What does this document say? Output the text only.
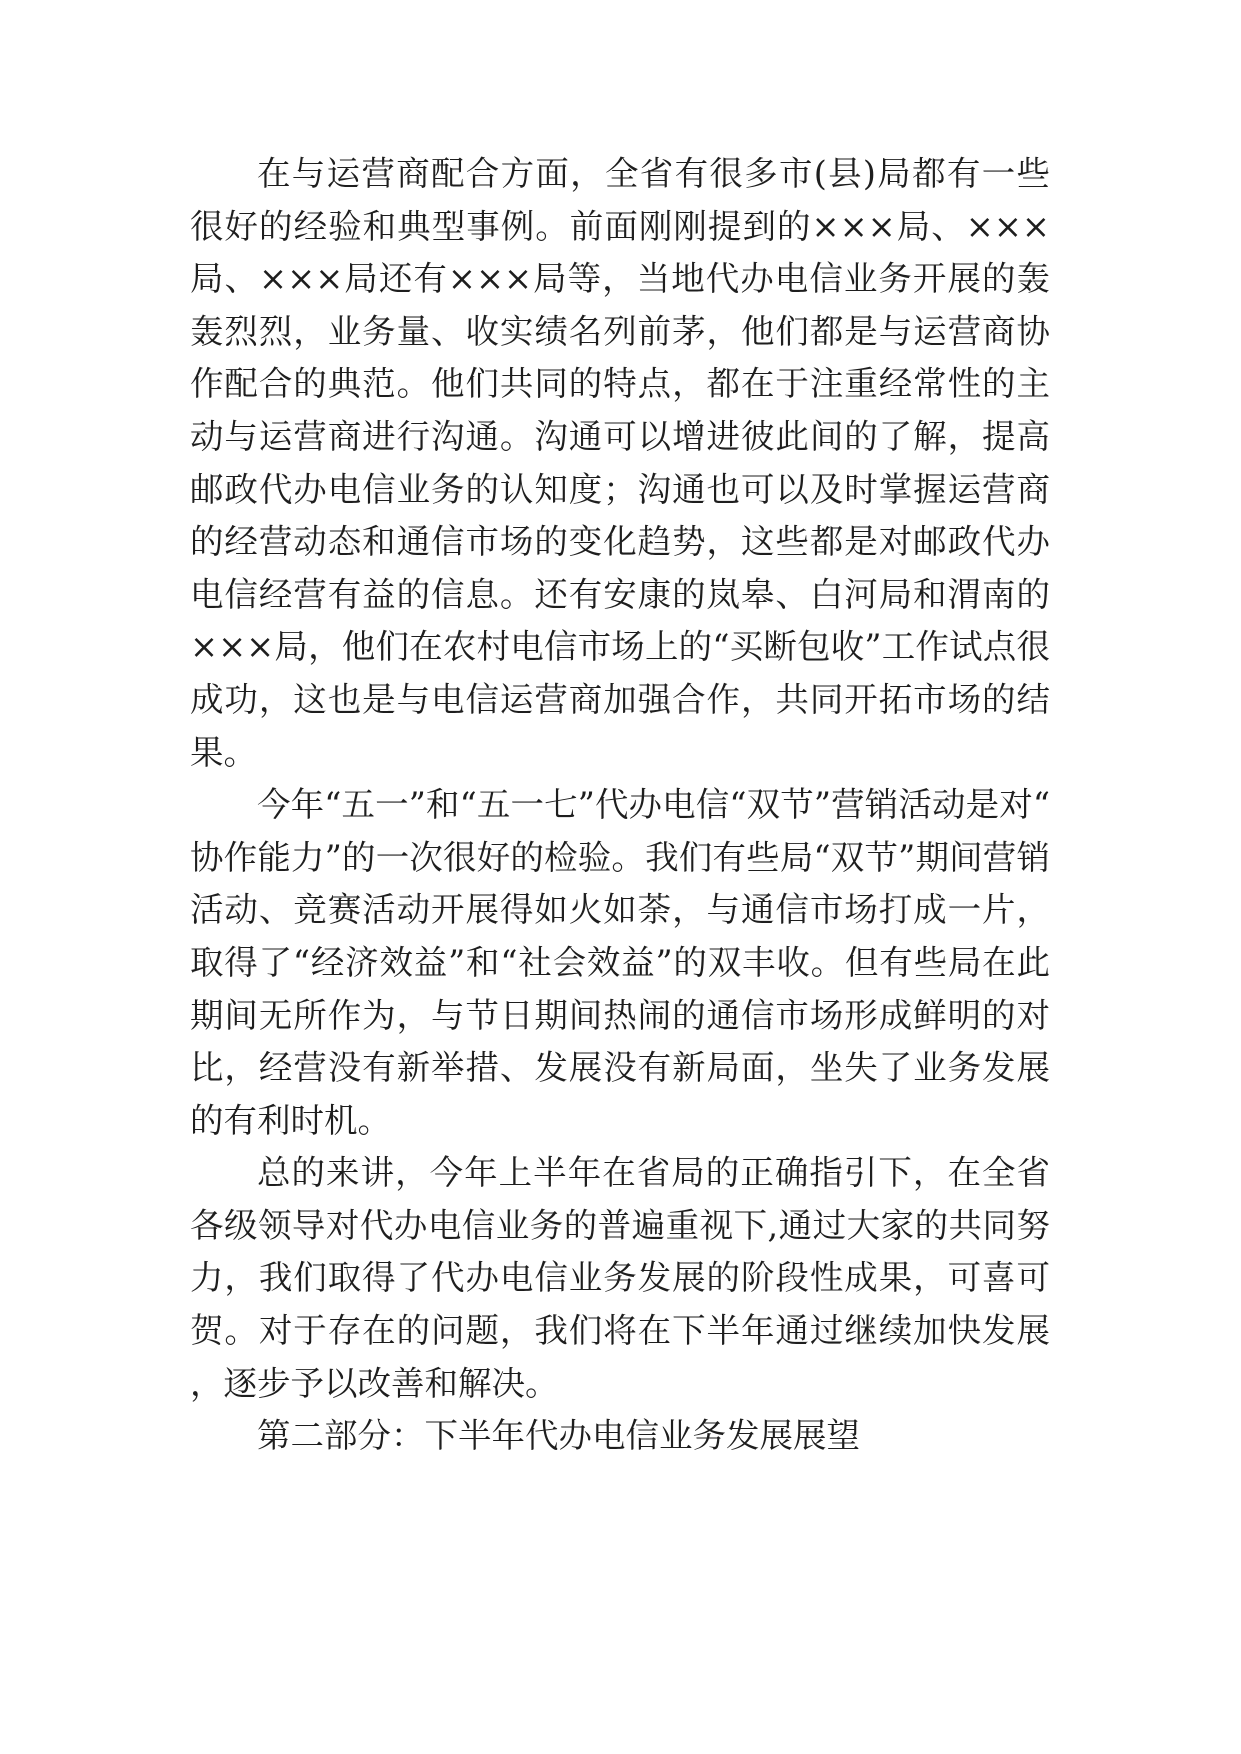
在与运营商配合方面，全省有很多市(县)局都有一些很好的经验和典型事例。前面刚刚提到的×××局、×××局、×××局还有×××局等，当地代办电信业务开展的轰轰烈烈，业务量、收实绩名列前茅，他们都是与运营商协作配合的典范。他们共同的特点，都在于注重经常性的主动与运营商进行沟通。沟通可以增进彼此间的了解，提高邮政代办电信业务的认知度；沟通也可以及时掌握运营商的经营动态和通信市场的变化趋势，这些都是对邮政代办电信经营有益的信息。还有安康的岚皋、白河局和渭南的×××局，他们在农村电信市场上的“买断包收”工作试点很成功，这也是与电信运营商加强合作，共同开拓市场的结果。

今年“五一”和“五一七”代办电信“双节”营销活动是对“协作能力”的一次很好的检验。我们有些局“双节”期间营销活动、竞赛活动开展得如火如荼，与通信市场打成一片，取得了“经济效益”和“社会效益”的双丰收。但有些局在此期间无所作为，与节日期间热闹的通信市场形成鲜明的对比，经营没有新举措、发展没有新局面，坐失了业务发展的有利时机。

总的来讲，今年上半年在省局的正确指引下，在全省各级领导对代办电信业务的普遍重视下,通过大家的共同努力，我们取得了代办电信业务发展的阶段性成果，可喜可贺。对于存在的问题，我们将在下半年通过继续加快发展，逐步予以改善和解决。

第二部分：下半年代办电信业务发展展望
